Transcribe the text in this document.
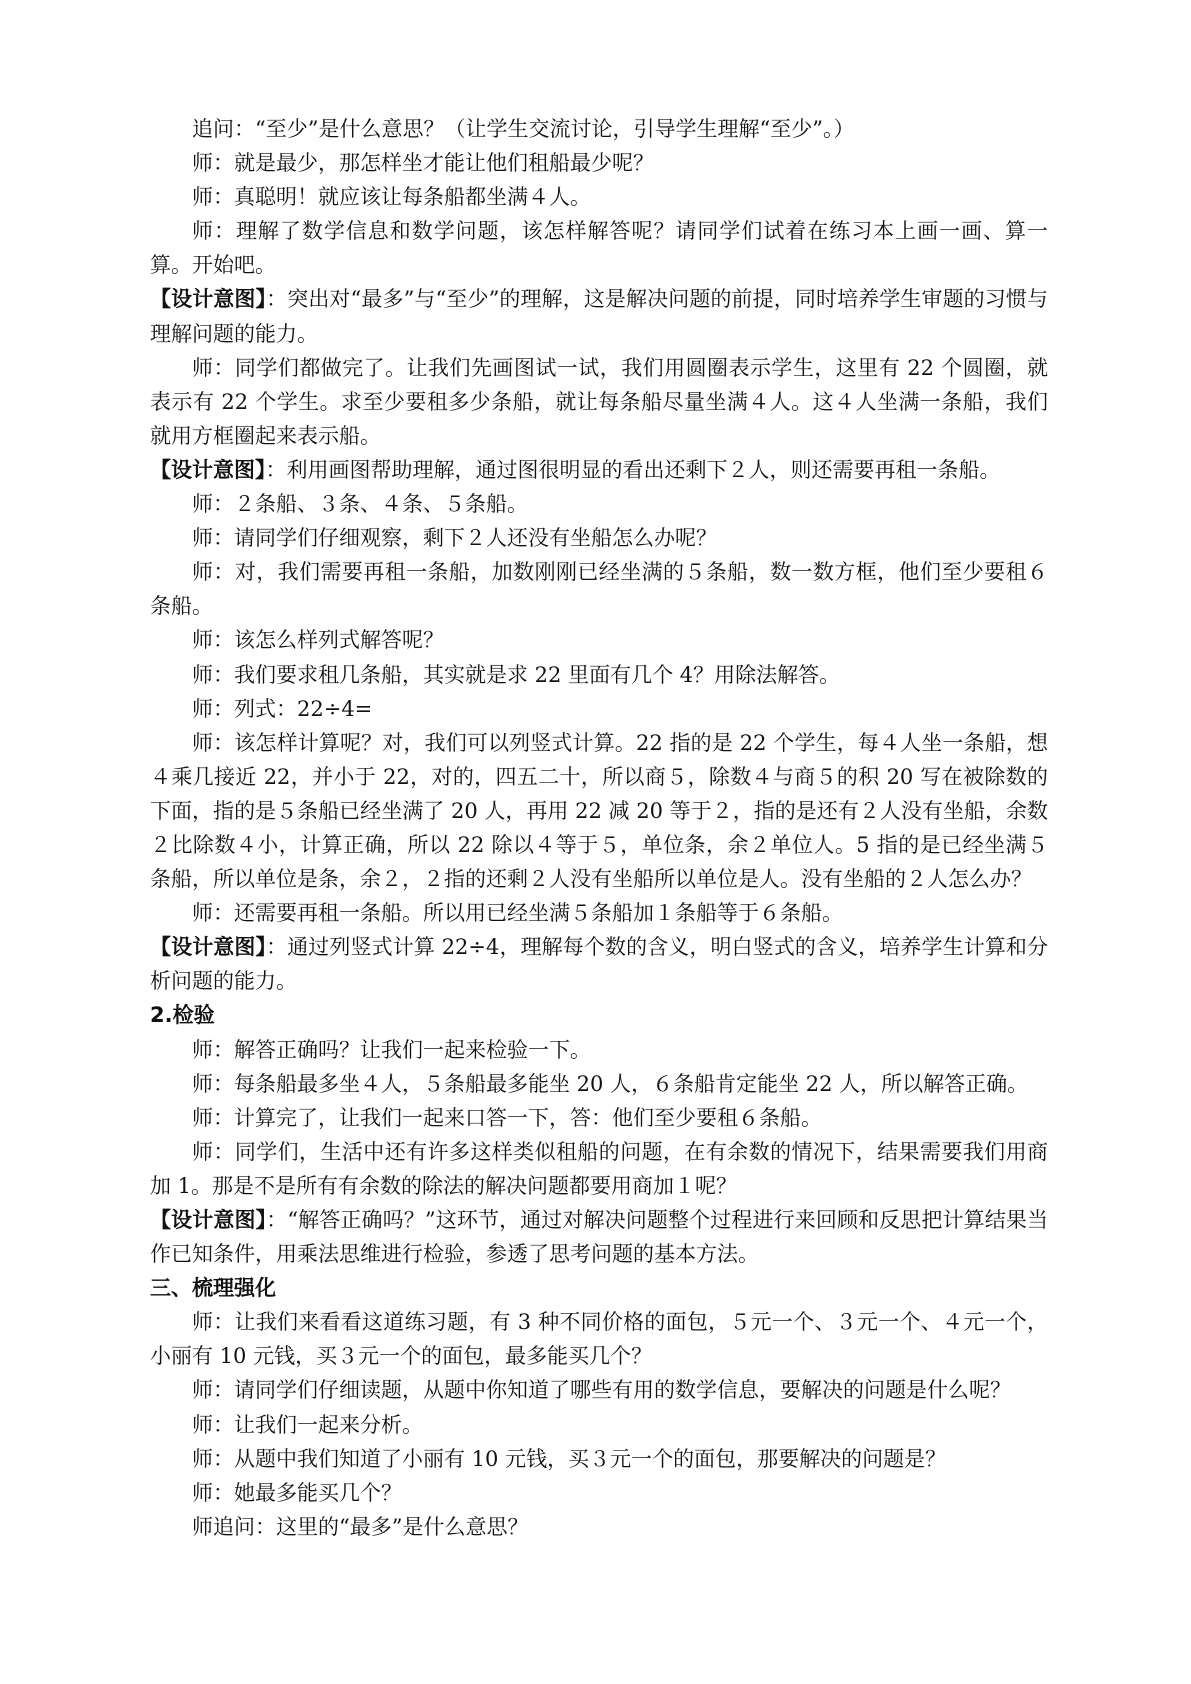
追问：“至少”是什么意思？（让学生交流讨论，引导学生理解“至少”。）

师：就是最少，那怎样坐才能让他们租船最少呢？

师：真聪明！就应该让每条船都坐满４人。

师：理解了数学信息和数学问题，该怎样解答呢？请同学们试着在练习本上画一画、算一算。开始吧。

【设计意图】：突出对“最多”与“至少”的理解，这是解决问题的前提，同时培养学生审题的习惯与理解问题的能力。

师：同学们都做完了。让我们先画图试一试，我们用圆圈表示学生，这里有 22 个圆圈，就表示有 22 个学生。求至少要租多少条船，就让每条船尽量坐满４人。这４人坐满一条船，我们就用方框圈起来表示船。

【设计意图】：利用画图帮助理解，通过图很明显的看出还剩下２人，则还需要再租一条船。

师：２条船、３条、４条、５条船。

师：请同学们仔细观察，剩下２人还没有坐船怎么办呢？

师：对，我们需要再租一条船，加数刚刚已经坐满的５条船，数一数方框，他们至少要租６条船。

师：该怎么样列式解答呢？

师：我们要求租几条船，其实就是求 22 里面有几个 4？用除法解答。

师：列式：22÷4=

师：该怎样计算呢？对，我们可以列竖式计算。22 指的是 22 个学生，每４人坐一条船，想４乘几接近 22，并小于 22，对的，四五二十，所以商５，除数４与商５的积 20 写在被除数的下面，指的是５条船已经坐满了 20 人，再用 22 减 20 等于２，指的是还有２人没有坐船，余数２比除数４小，计算正确，所以 22 除以４等于５，单位条，余２单位人。5 指的是已经坐满５条船，所以单位是条，余２，２指的还剩２人没有坐船所以单位是人。没有坐船的２人怎么办？

师：还需要再租一条船。所以用已经坐满５条船加１条船等于６条船。

【设计意图】：通过列竖式计算 22÷4，理解每个数的含义，明白竖式的含义，培养学生计算和分析问题的能力。

2.检验

师：解答正确吗？让我们一起来检验一下。

师：每条船最多坐４人，５条船最多能坐 20 人，６条船肯定能坐 22 人，所以解答正确。

师：计算完了，让我们一起来口答一下，答：他们至少要租６条船。

师：同学们，生活中还有许多这样类似租船的问题，在有余数的情况下，结果需要我们用商加 1。那是不是所有有余数的除法的解决问题都要用商加１呢？

【设计意图】：“解答正确吗？”这环节，通过对解决问题整个过程进行来回顾和反思把计算结果当作已知条件，用乘法思维进行检验，参透了思考问题的基本方法。

三、梳理强化

师：让我们来看看这道练习题，有 3 种不同价格的面包，５元一个、３元一个、４元一个，小丽有 10 元钱，买３元一个的面包，最多能买几个？

师：请同学们仔细读题，从题中你知道了哪些有用的数学信息，要解决的问题是什么呢？

师：让我们一起来分析。

师：从题中我们知道了小丽有 10 元钱，买３元一个的面包，那要解决的问题是？

师：她最多能买几个？

师追问：这里的“最多”是什么意思？
